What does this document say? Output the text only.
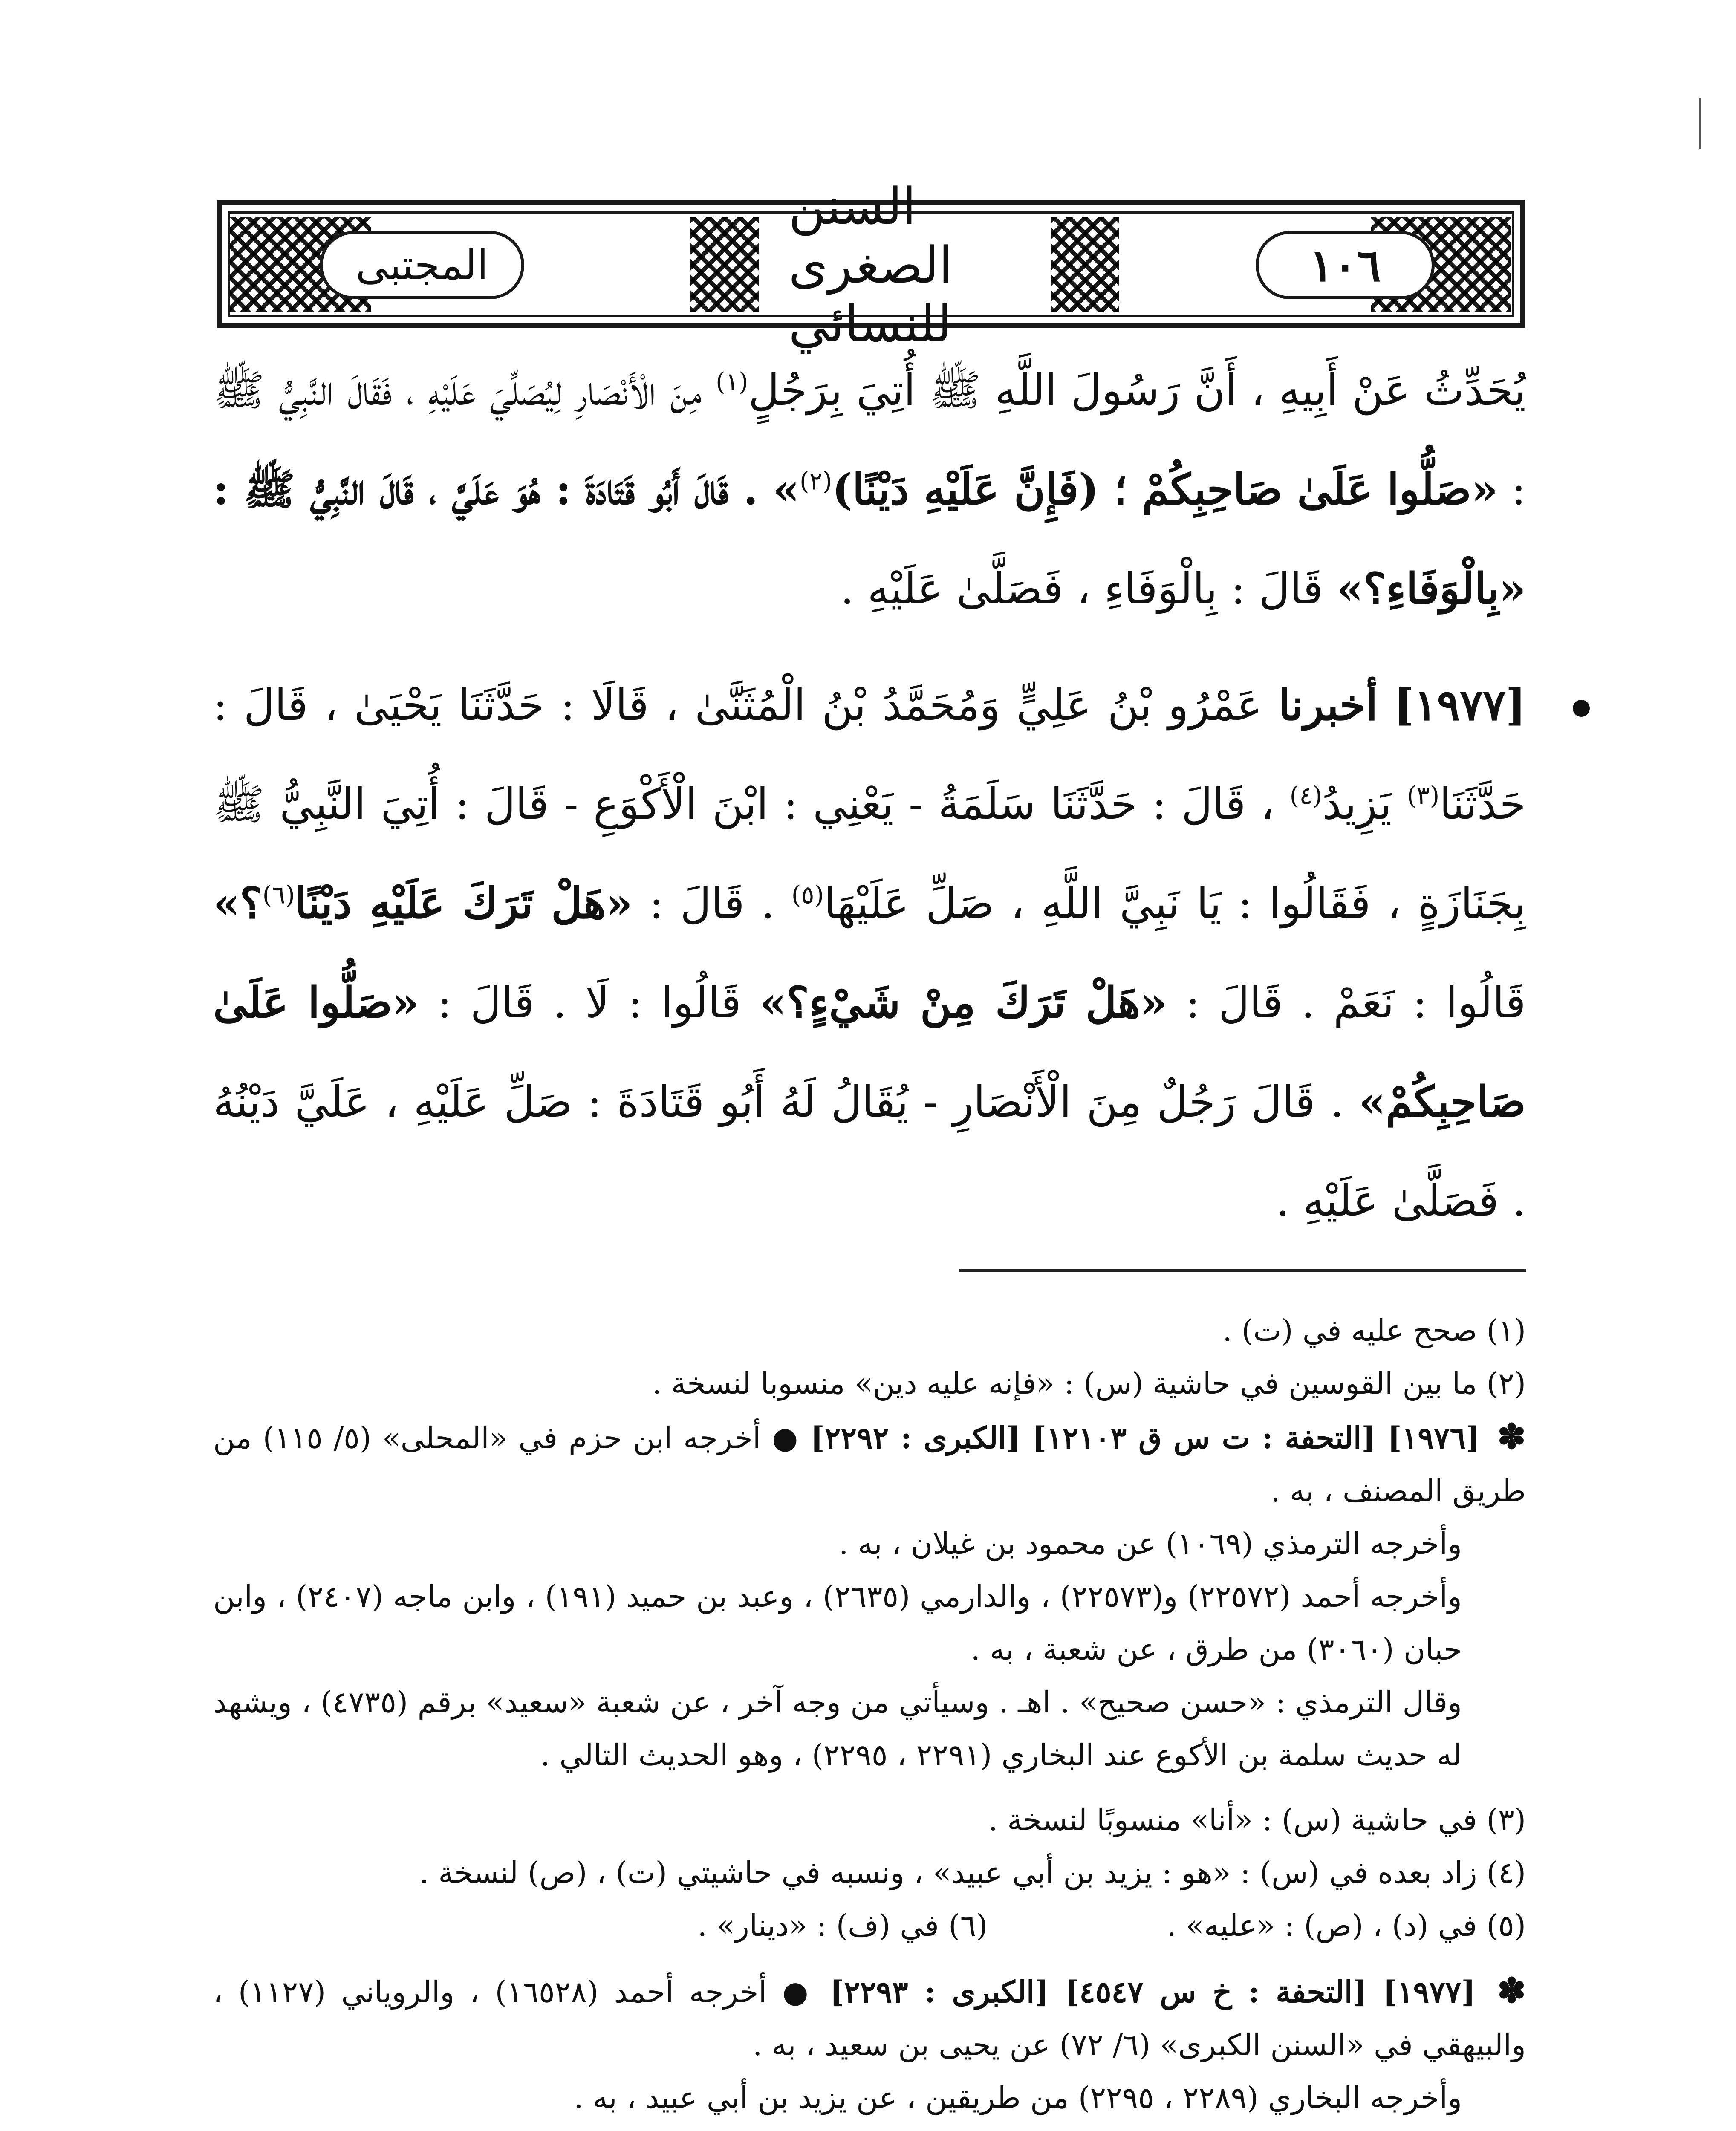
المجتبى
السنن الصغرى للنسائي
١٠٦

يُحَدِّثُ عَنْ أَبِيهِ ، أَنَّ رَسُولَ اللَّهِ ﷺ أُتِيَ بِرَجُلٍ$^{(١)}$ مِنَ الْأَنْصَارِ لِيُصَلِّيَ عَلَيْهِ ، فَقَالَ النَّبِيُّ ﷺ : «صَلُّوا عَلَىٰ صَاحِبِكُمْ ؛ (فَإِنَّ عَلَيْهِ دَيْنًا)$^{(٢)}$» . قَالَ أَبُو قَتَادَةَ : هُوَ عَلَيَّ ، قَالَ النَّبِيُّ ﷺ : «بِالْوَفَاءِ؟» قَالَ : بِالْوَفَاءِ ، فَصَلَّىٰ عَلَيْهِ .

[١٩٧٧] أخبرنا عَمْرُو بْنُ عَلِيٍّ وَمُحَمَّدُ بْنُ الْمُثَنَّىٰ ، قَالَا : حَدَّثَنَا يَحْيَىٰ ، قَالَ : حَدَّثَنَا$^{(٣)}$ يَزِيدُ$^{(٤)}$ ، قَالَ : حَدَّثَنَا سَلَمَةُ - يَعْنِي : ابْنَ الْأَكْوَعِ - قَالَ : أُتِيَ النَّبِيُّ ﷺ بِجَنَازَةٍ ، فَقَالُوا : يَا نَبِيَّ اللَّهِ ، صَلِّ عَلَيْهَا$^{(٥)}$ . قَالَ : «هَلْ تَرَكَ عَلَيْهِ دَيْنًا$^{(٦)}$؟» قَالُوا : نَعَمْ . قَالَ : «هَلْ تَرَكَ مِنْ شَيْءٍ؟» قَالُوا : لَا . قَالَ : «صَلُّوا عَلَىٰ صَاحِبِكُمْ» . قَالَ رَجُلٌ مِنَ الْأَنْصَارِ - يُقَالُ لَهُ أَبُو قَتَادَةَ : صَلِّ عَلَيْهِ ، عَلَيَّ دَيْنُهُ . فَصَلَّىٰ عَلَيْهِ .

(١) صحح عليه في (ت) .

(٢) ما بين القوسين في حاشية (س) : «فإنه عليه دين» منسوبا لنسخة .

✽ [١٩٧٦] [التحفة : ت س ق ١٢١٠٣] [الكبرى : ٢٢٩٢] ● أخرجه ابن حزم في «المحلى» (٥/ ١١٥) من طريق المصنف ، به .

وأخرجه الترمذي (١٠٦٩) عن محمود بن غيلان ، به .

وأخرجه أحمد (٢٢٥٧٢) و(٢٢٥٧٣) ، والدارمي (٢٦٣٥) ، وعبد بن حميد (١٩١) ، وابن ماجه (٢٤٠٧) ، وابن حبان (٣٠٦٠) من طرق ، عن شعبة ، به .

وقال الترمذي : «حسن صحيح» . اهـ . وسيأتي من وجه آخر ، عن شعبة «سعيد» برقم (٤٧٣٥) ، ويشهد له حديث سلمة بن الأكوع عند البخاري (٢٢٩١ ، ٢٢٩٥) ، وهو الحديث التالي .

(٣) في حاشية (س) : «أنا» منسوبًا لنسخة .

(٤) زاد بعده في (س) : «هو : يزيد بن أبي عبيد» ، ونسبه في حاشيتي (ت) ، (ص) لنسخة .

(٥) في (د) ، (ص) : «عليه» .
(٦) في (ف) : «دينار» .

✽ [١٩٧٧] [التحفة : خ س ٤٥٤٧] [الكبرى : ٢٢٩٣] ● أخرجه أحمد (١٦٥٢٨) ، والروياني (١١٢٧) ، والبيهقي في «السنن الكبرى» (٦/ ٧٢) عن يحيى بن سعيد ، به .

وأخرجه البخاري (٢٢٨٩ ، ٢٢٩٥) من طريقين ، عن يزيد بن أبي عبيد ، به .
